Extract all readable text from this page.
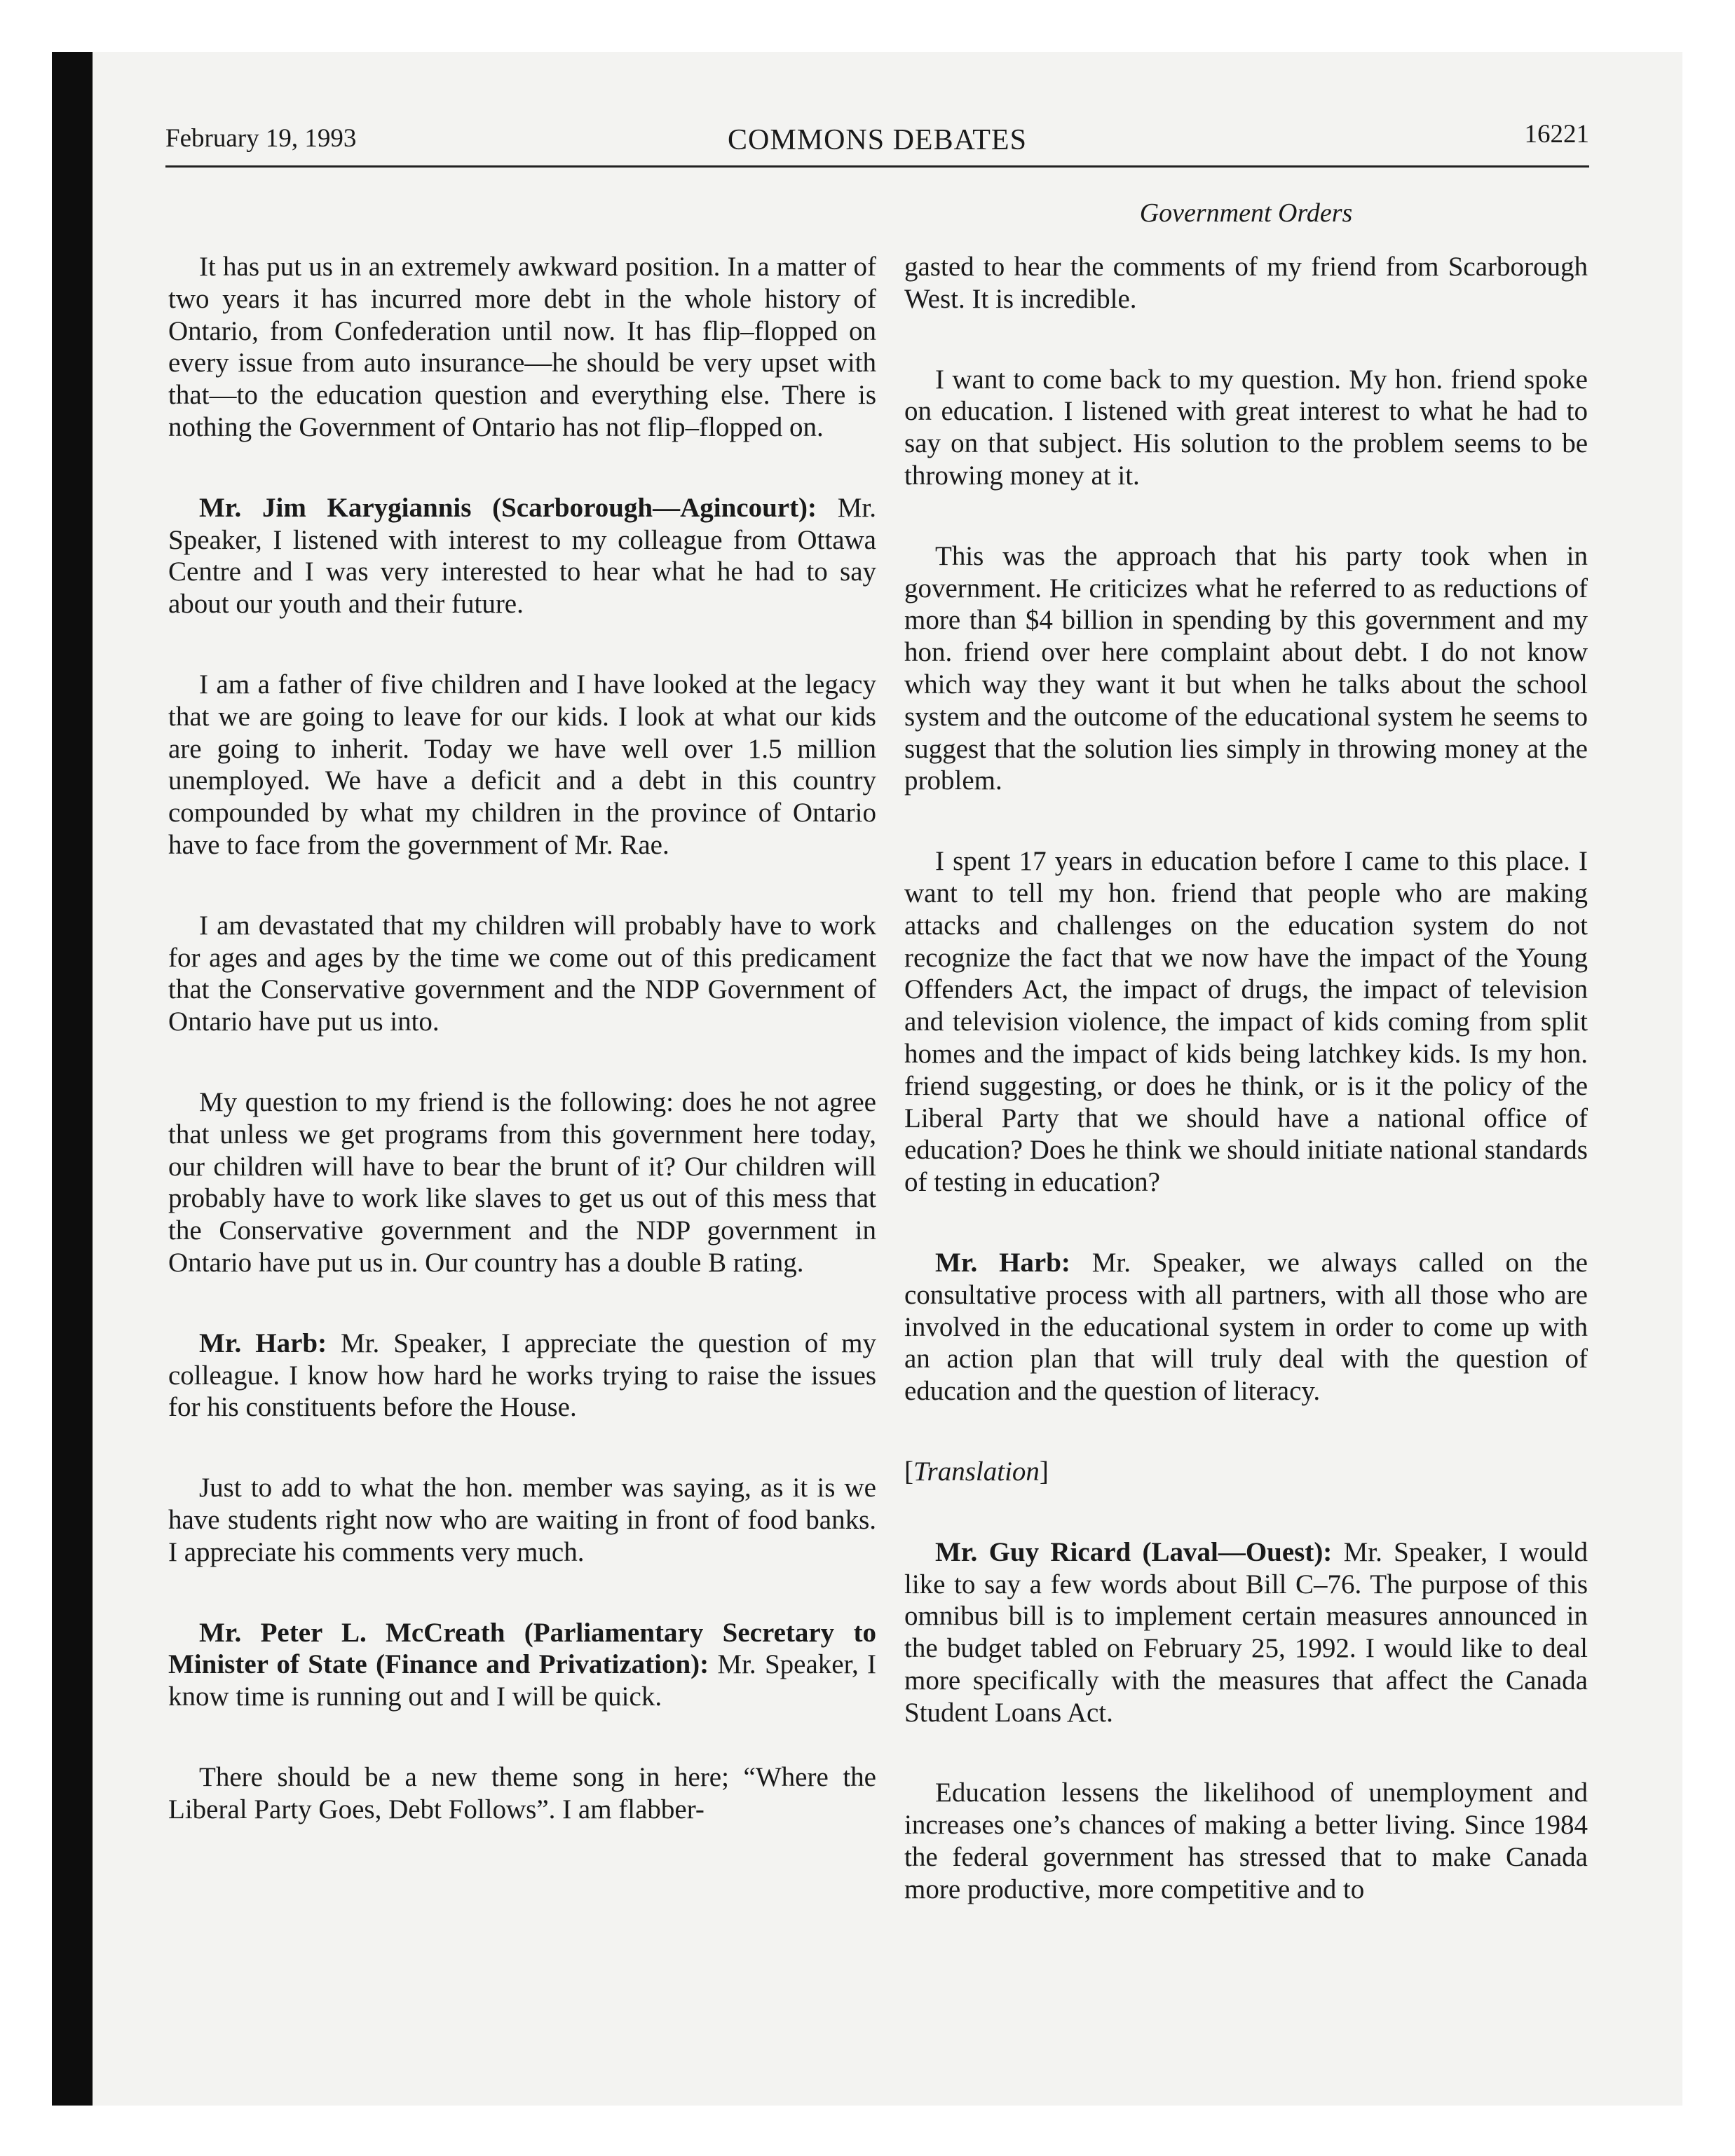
February 19, 1993	COMMONS DEBATES	16221
Government Orders

It has put us in an extremely awkward position. In a matter of two years it has incurred more debt in the whole history of Ontario, from Confederation until now. It has flip–flopped on every issue from auto insurance—he should be very upset with that—to the education question and everything else. There is nothing the Government of Ontario has not flip–flopped on.

Mr. Jim Karygiannis (Scarborough—Agincourt): Mr. Speaker, I listened with interest to my colleague from Ottawa Centre and I was very interested to hear what he had to say about our youth and their future.

I am a father of five children and I have looked at the legacy that we are going to leave for our kids. I look at what our kids are going to inherit. Today we have well over 1.5 million unemployed. We have a deficit and a debt in this country compounded by what my children in the province of Ontario have to face from the government of Mr. Rae.

I am devastated that my children will probably have to work for ages and ages by the time we come out of this predicament that the Conservative government and the NDP Government of Ontario have put us into.

My question to my friend is the following: does he not agree that unless we get programs from this government here today, our children will have to bear the brunt of it? Our children will probably have to work like slaves to get us out of this mess that the Conservative government and the NDP government in Ontario have put us in. Our country has a double B rating.

Mr. Harb: Mr. Speaker, I appreciate the question of my colleague. I know how hard he works trying to raise the issues for his constituents before the House.

Just to add to what the hon. member was saying, as it is we have students right now who are waiting in front of food banks. I appreciate his comments very much.

Mr. Peter L. McCreath (Parliamentary Secretary to Minister of State (Finance and Privatization): Mr. Speaker, I know time is running out and I will be quick.

There should be a new theme song in here; “Where the Liberal Party Goes, Debt Follows”. I am flabber-

gasted to hear the comments of my friend from Scarborough West. It is incredible.

I want to come back to my question. My hon. friend spoke on education. I listened with great interest to what he had to say on that subject. His solution to the problem seems to be throwing money at it.

This was the approach that his party took when in government. He criticizes what he referred to as reductions of more than $4 billion in spending by this government and my hon. friend over here complaint about debt. I do not know which way they want it but when he talks about the school system and the outcome of the educational system he seems to suggest that the solution lies simply in throwing money at the problem.

I spent 17 years in education before I came to this place. I want to tell my hon. friend that people who are making attacks and challenges on the education system do not recognize the fact that we now have the impact of the Young Offenders Act, the impact of drugs, the impact of television and television violence, the impact of kids coming from split homes and the impact of kids being latchkey kids. Is my hon. friend suggesting, or does he think, or is it the policy of the Liberal Party that we should have a national office of education? Does he think we should initiate national standards of testing in education?

Mr. Harb: Mr. Speaker, we always called on the consultative process with all partners, with all those who are involved in the educational system in order to come up with an action plan that will truly deal with the question of education and the question of literacy.

[Translation]

Mr. Guy Ricard (Laval—Ouest): Mr. Speaker, I would like to say a few words about Bill C–76. The purpose of this omnibus bill is to implement certain measures announced in the budget tabled on February 25, 1992. I would like to deal more specifically with the measures that affect the Canada Student Loans Act.

Education lessens the likelihood of unemployment and increases one’s chances of making a better living. Since 1984 the federal government has stressed that to make Canada more productive, more competitive and to
